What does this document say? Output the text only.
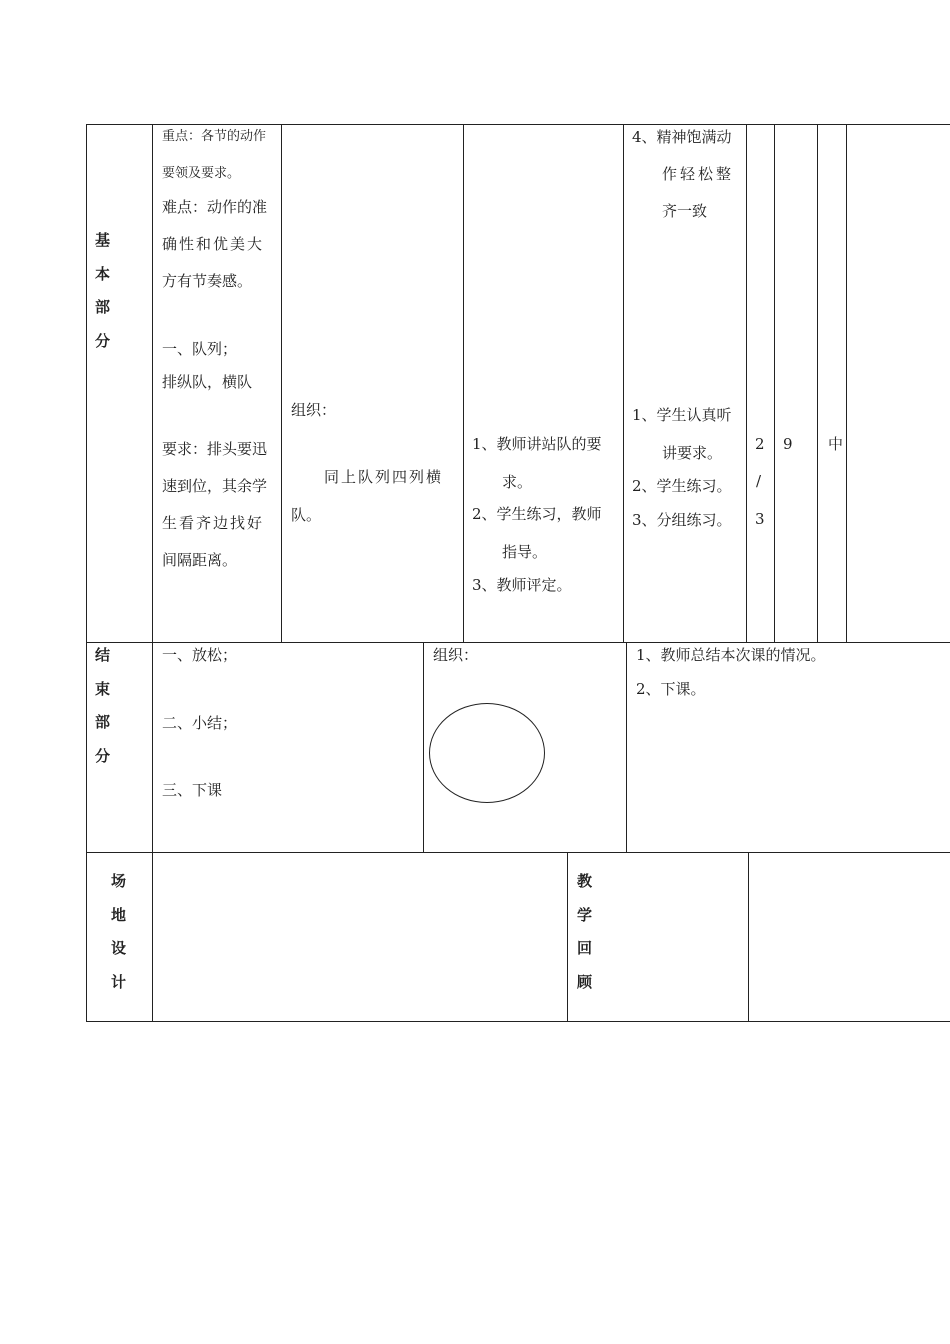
基
本
部
分
重点：各节的动作
要领及要求。
难点：动作的准
确性和优美大
方有节奏感。
一、队列；
排纵队，横队
要求：排头要迅
速到位，其余学
生看齐边找好
间隔距离。
组织：
同上队列四列横
队。
1、教师讲站队的要
求。
2、学生练习，教师
指导。
3、教师评定。
4、精神饱满动
作轻松整
齐一致
1、学生认真听
讲要求。
2、学生练习。
3、分组练习。
2
/
3
9 中
结
束
部
分
一、放松；
二、小结；
三、下课
组织：	1、教师总结本次课的情况。
2、下课。
场
地
设
计
教
学
回
顾
